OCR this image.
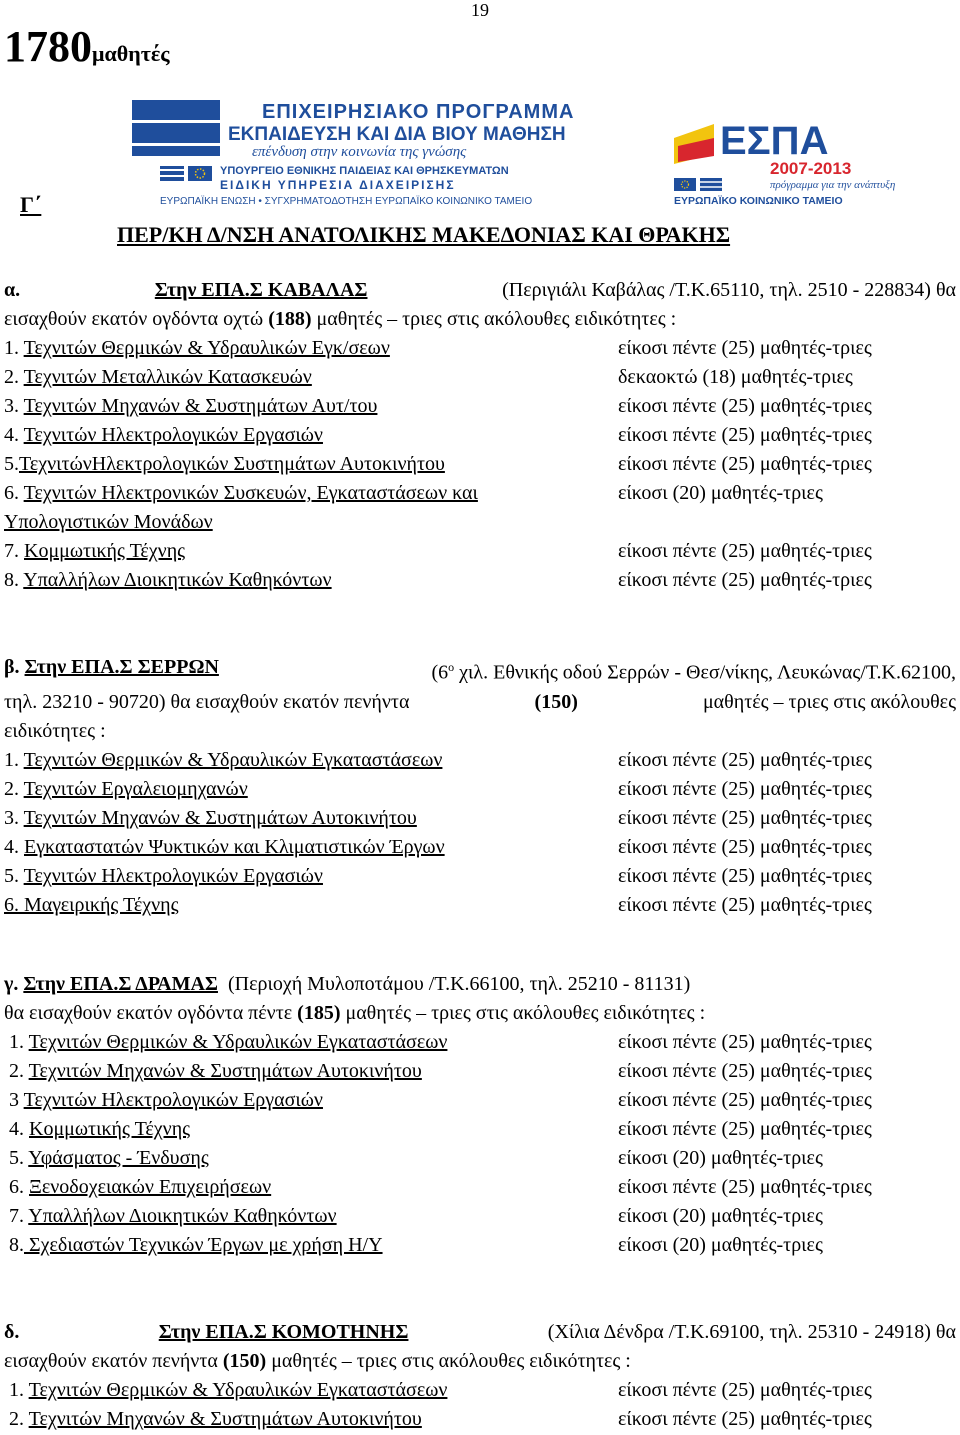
19
1780μαθητές
ΕΠΙΧΕΙΡΗΣΙΑΚΟ ΠΡΟΓΡΑΜΜΑ
ΕΚΠΑΙΔΕΥΣΗ ΚΑΙ ΔΙΑ ΒΙΟΥ ΜΑΘΗΣΗ
επένδυση στην κοινωνία της γνώσης
ΥΠΟΥΡΓΕΙΟ ΕΘΝΙΚΗΣ ΠΑΙΔΕΙΑΣ ΚΑΙ ΘΡΗΣΚΕΥΜΑΤΩΝ
ΕΙΔΙΚΗ ΥΠΗΡΕΣΙΑ ΔΙΑΧΕΙΡΙΣΗΣ
ΕΥΡΩΠΑΪΚΗ ΕΝΩΣΗ • ΣΥΓΧΡΗΜΑΤΟΔΟΤΗΣΗ ΕΥΡΩΠΑΪΚΟ ΚΟΙΝΩΝΙΚΟ ΤΑΜΕΙΟ
ΕΣΠΑ
2007-2013
πρόγραμμα για την ανάπτυξη
ΕΥΡΩΠΑΪΚΟ ΚΟΙΝΩΝΙΚΟ ΤΑΜΕΙΟ
Γ΄
ΠΕΡ/ΚΗ Δ/ΝΣΗ ΑΝΑΤΟΛΙΚΗΣ ΜΑΚΕΔΟΝΙΑΣ ΚΑΙ ΘΡΑΚΗΣ
α.	Στην ΕΠΑ.Σ ΚΑΒΑΛΑΣ	(Περιγιάλι Καβάλας /Τ.Κ.65110, τηλ. 2510 - 228834) θα
εισαχθούν εκατόν ογδόντα οχτώ (188) μαθητές – τριες στις ακόλουθες ειδικότητες :
1. Τεχνιτών Θερμικών & Υδραυλικών Εγκ/σεων	είκοσι πέντε (25) μαθητές-τριες
2. Τεχνιτών Μεταλλικών Κατασκευών	δεκαοκτώ (18) μαθητές-τριες
3. Τεχνιτών Μηχανών & Συστημάτων Αυτ/του	είκοσι πέντε (25) μαθητές-τριες
4. Τεχνιτών Ηλεκτρολογικών Εργασιών	είκοσι πέντε (25) μαθητές-τριες
5.ΤεχνιτώνΗλεκτρολογικών Συστημάτων Αυτοκινήτου	είκοσι πέντε (25) μαθητές-τριες
6. Τεχνιτών Ηλεκτρονικών Συσκευών, Εγκαταστάσεων και	είκοσι (20) μαθητές-τριες
Υπολογιστικών Μονάδων
7. Κομμωτικής Τέχνης	είκοσι πέντε (25) μαθητές-τριες
8. Υπαλλήλων Διοικητικών Καθηκόντων	είκοσι πέντε (25) μαθητές-τριες
β. Στην ΕΠΑ.Σ ΣΕΡΡΩΝ	($6^o$ χιλ. Εθνικής οδού Σερρών - Θεσ/νίκης, Λευκώνας/Τ.Κ.62100,
τηλ. 23210 - 90720) θα εισαχθούν εκατόν πενήντα	(150)	μαθητές – τριες στις ακόλουθες
ειδικότητες :
1. Τεχνιτών Θερμικών & Υδραυλικών Εγκαταστάσεων	είκοσι πέντε (25) μαθητές-τριες
2. Τεχνιτών Εργαλειομηχανών	είκοσι πέντε (25) μαθητές-τριες
3. Τεχνιτών Μηχανών & Συστημάτων Αυτοκινήτου	είκοσι πέντε (25) μαθητές-τριες
4. Εγκαταστατών Ψυκτικών και Κλιματιστικών Έργων	είκοσι πέντε (25) μαθητές-τριες
5. Τεχνιτών Ηλεκτρολογικών Εργασιών	είκοσι πέντε (25) μαθητές-τριες
6. Μαγειρικής Τέχνης	είκοσι πέντε (25) μαθητές-τριες
γ. Στην ΕΠΑ.Σ ΔΡΑΜΑΣ (Περιοχή Μυλοποτάμου /Τ.Κ.66100, τηλ. 25210 - 81131)
θα εισαχθούν εκατόν ογδόντα πέντε (185) μαθητές – τριες στις ακόλουθες ειδικότητες :
1. Τεχνιτών Θερμικών & Υδραυλικών Εγκαταστάσεων	είκοσι πέντε (25) μαθητές-τριες
2. Τεχνιτών Μηχανών & Συστημάτων Αυτοκινήτου	είκοσι πέντε (25) μαθητές-τριες
3 Τεχνιτών Ηλεκτρολογικών Εργασιών	είκοσι πέντε (25) μαθητές-τριες
4. Κομμωτικής Τέχνης	είκοσι πέντε (25) μαθητές-τριες
5. Υφάσματος - Ένδυσης	είκοσι (20) μαθητές-τριες
6. Ξενοδοχειακών Επιχειρήσεων	είκοσι πέντε (25) μαθητές-τριες
7. Υπαλλήλων Διοικητικών Καθηκόντων	είκοσι (20) μαθητές-τριες
8. Σχεδιαστών Τεχνικών Έργων με χρήση Η/Υ	είκοσι (20) μαθητές-τριες
δ.	Στην ΕΠΑ.Σ ΚΟΜΟΤΗΝΗΣ	(Χίλια Δένδρα /Τ.Κ.69100, τηλ. 25310 - 24918) θα
εισαχθούν εκατόν πενήντα (150) μαθητές – τριες στις ακόλουθες ειδικότητες :
1. Τεχνιτών Θερμικών & Υδραυλικών Εγκαταστάσεων	είκοσι πέντε (25) μαθητές-τριες
2. Τεχνιτών Μηχανών & Συστημάτων Αυτοκινήτου	είκοσι πέντε (25) μαθητές-τριες
